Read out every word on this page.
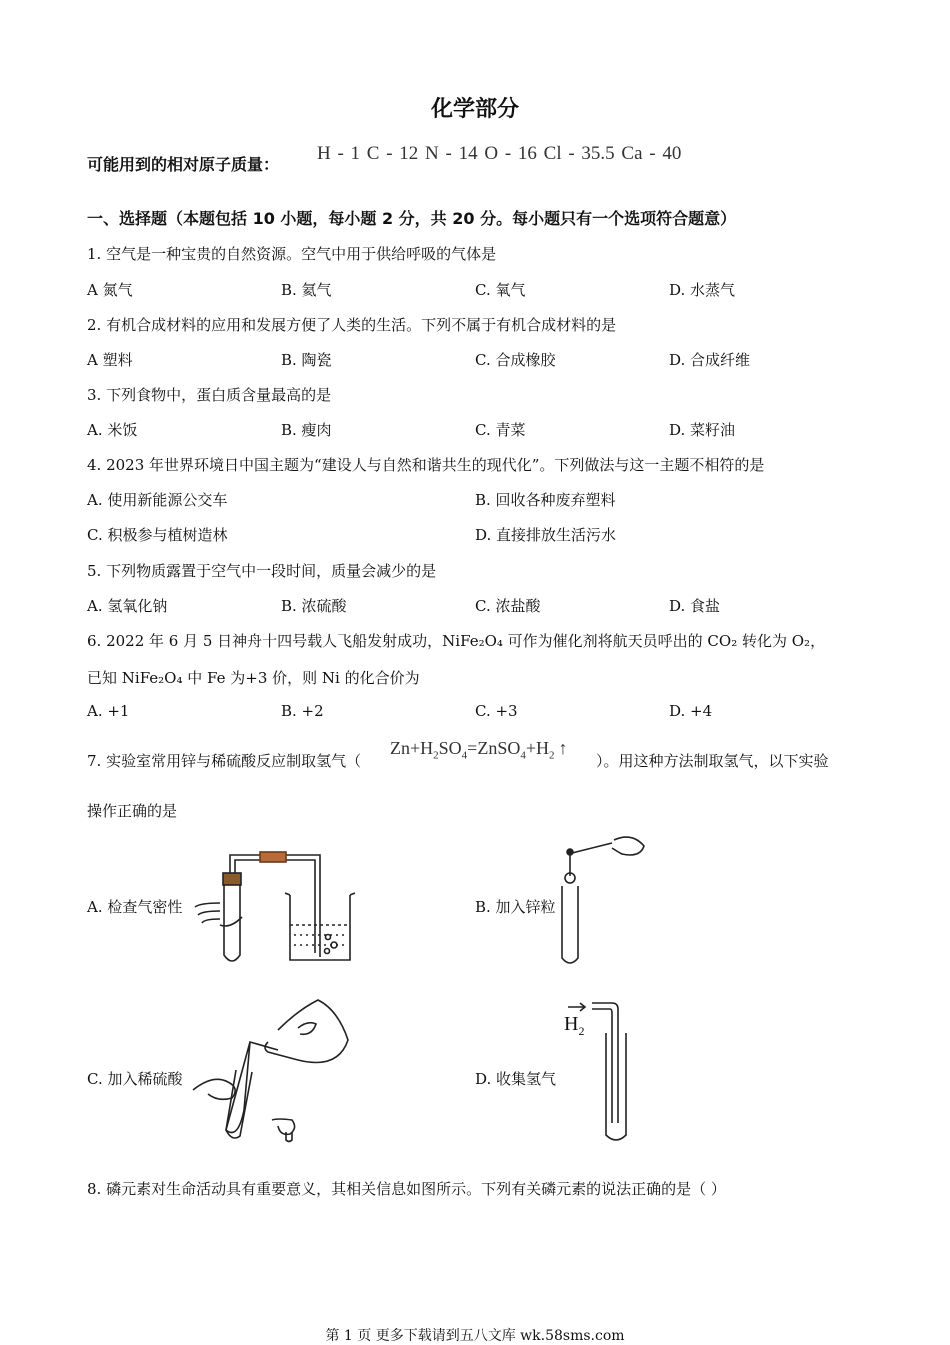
化学部分
可能用到的相对原子质量：
H - 1 C - 12 N - 14 O - 16 Cl - 35.5 Ca - 40
一、选择题（本题包括 10 小题，每小题 2 分，共 20 分。每小题只有一个选项符合题意）
1. 空气是一种宝贵的自然资源。空气中用于供给呼吸的气体是
A 氮气	B. 氦气	C. 氧气	D. 水蒸气
2. 有机合成材料的应用和发展方便了人类的生活。下列不属于有机合成材料的是
A 塑料	B. 陶瓷	C. 合成橡胶	D. 合成纤维
3. 下列食物中，蛋白质含量最高的是
A. 米饭	B. 瘦肉	C. 青菜	D. 菜籽油
4. 2023 年世界环境日中国主题为“建设人与自然和谐共生的现代化”。下列做法与这一主题不相符的是
A. 使用新能源公交车	B. 回收各种废弃塑料
C. 积极参与植树造林	D. 直接排放生活污水
5. 下列物质露置于空气中一段时间，质量会减少的是
A. 氢氧化钠	B. 浓硫酸	C. 浓盐酸	D. 食盐
6. 2022 年 6 月 5 日神舟十四号载人飞船发射成功，NiFe₂O₄ 可作为催化剂将航天员呼出的 CO₂ 转化为 O₂，
已知 NiFe₂O₄ 中 Fe 为+3 价，则 Ni 的化合价为
A. +1	B. +2	C. +3	D. +4
7. 实验室常用锌与稀硫酸反应制取氢气（
$Zn+H_2SO_4=ZnSO_4+H_2$ ↑
）。用这种方法制取氢气，以下实验
操作正确的是
A. 检查气密性	B. 加入锌粒
C. 加入稀硫酸	D. 收集氢气
$H_2$
8. 磷元素对生命活动具有重要意义，其相关信息如图所示。下列有关磷元素的说法正确的是（ ）
第 1 页 更多下载请到五八文库 wk.58sms.com
